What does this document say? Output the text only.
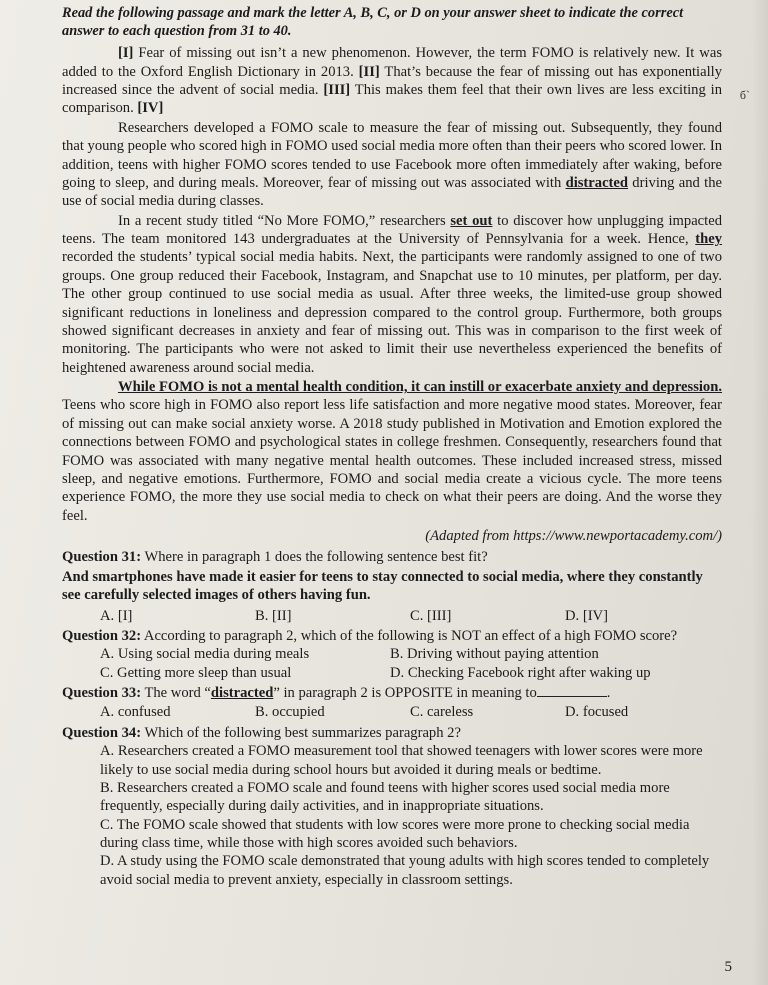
б`

Read the following passage and mark the letter A, B, C, or D on your answer sheet to indicate the correct answer to each question from 31 to 40.

[I] Fear of missing out isn’t a new phenomenon. However, the term FOMO is relatively new. It was added to the Oxford English Dictionary in 2013. [II] That’s because the fear of missing out has exponentially increased since the advent of social media. [III] This makes them feel that their own lives are less exciting in comparison. [IV]

Researchers developed a FOMO scale to measure the fear of missing out. Subsequently, they found that young people who scored high in FOMO used social media more often than their peers who scored lower. In addition, teens with higher FOMO scores tended to use Facebook more often immediately after waking, before going to sleep, and during meals. Moreover, fear of missing out was associated with distracted driving and the use of social media during classes.

In a recent study titled “No More FOMO,” researchers set out to discover how unplugging impacted teens. The team monitored 143 undergraduates at the University of Pennsylvania for a week. Hence, they recorded the students’ typical social media habits. Next, the participants were randomly assigned to one of two groups. One group reduced their Facebook, Instagram, and Snapchat use to 10 minutes, per platform, per day. The other group continued to use social media as usual. After three weeks, the limited-use group showed significant reductions in loneliness and depression compared to the control group. Furthermore, both groups showed significant decreases in anxiety and fear of missing out. This was in comparison to the first week of monitoring. The participants who were not asked to limit their use nevertheless experienced the benefits of heightened awareness around social media.

While FOMO is not a mental health condition, it can instill or exacerbate anxiety and depression. Teens who score high in FOMO also report less life satisfaction and more negative mood states. Moreover, fear of missing out can make social anxiety worse. A 2018 study published in Motivation and Emotion explored the connections between FOMO and psychological states in college freshmen. Consequently, researchers found that FOMO was associated with many negative mental health outcomes. These included increased stress, missed sleep, and negative emotions. Furthermore, FOMO and social media create a vicious cycle. The more teens experience FOMO, the more they use social media to check on what their peers are doing. And the worse they feel.

(Adapted from https://www.newportacademy.com/)
Question 31: Where in paragraph 1 does the following sentence best fit?
And smartphones have made it easier for teens to stay connected to social media, where they constantly see carefully selected images of others having fun.
A. [I]	B. [II]	C. [III]	D. [IV]
Question 32: According to paragraph 2, which of the following is NOT an effect of a high FOMO score?
A. Using social media during meals	B. Driving without paying attention
C. Getting more sleep than usual	D. Checking Facebook right after waking up
Question 33: The word “distracted” in paragraph 2 is OPPOSITE in meaning to	.
A. confused	B. occupied	C. careless	D. focused
Question 34: Which of the following best summarizes paragraph 2?

A. Researchers created a FOMO measurement tool that showed teenagers with lower scores were more likely to use social media during school hours but avoided it during meals or bedtime.

B. Researchers created a FOMO scale and found teens with higher scores used social media more frequently, especially during daily activities, and in inappropriate situations.

C. The FOMO scale showed that students with low scores were more prone to checking social media during class time, while those with high scores avoided such behaviors.

D. A study using the FOMO scale demonstrated that young adults with high scores tended to completely avoid social media to prevent anxiety, especially in classroom settings.

5
